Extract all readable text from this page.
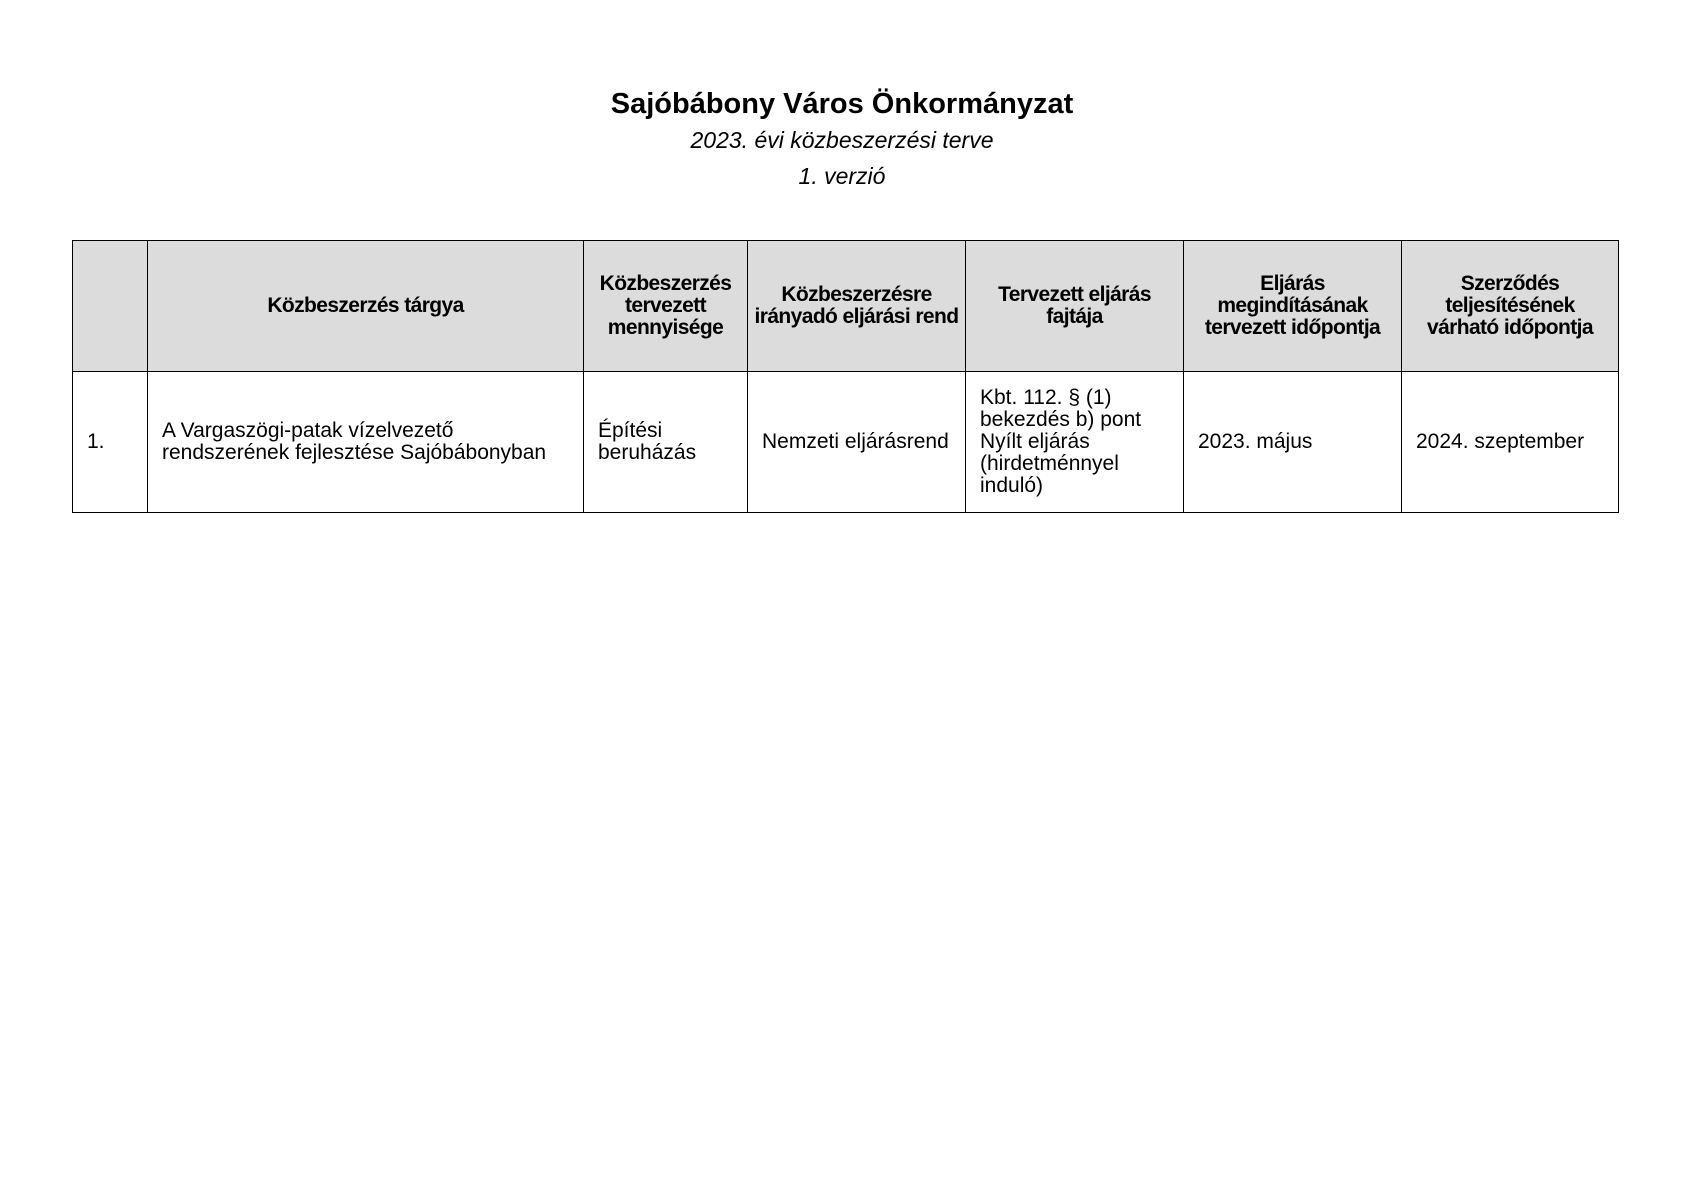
Sajóbábony Város Önkormányzat

2023. évi közbeszerzési terve

1. verzió

	Közbeszerzés tárgya	Közbeszerzés tervezett mennyisége	Közbeszerzésre irányadó eljárási rend	Tervezett eljárás fajtája	Eljárás megindításának tervezett időpontja	Szerződés teljesítésének várható időpontja
1.	A Vargaszögi-patak vízelvezető rendszerének fejlesztése Sajóbábonyban	Építési beruházás	Nemzeti eljárásrend	Kbt. 112. § (1) bekezdés b) pont Nyílt eljárás (hirdetménnyel induló)	2023. május	2024. szeptember
